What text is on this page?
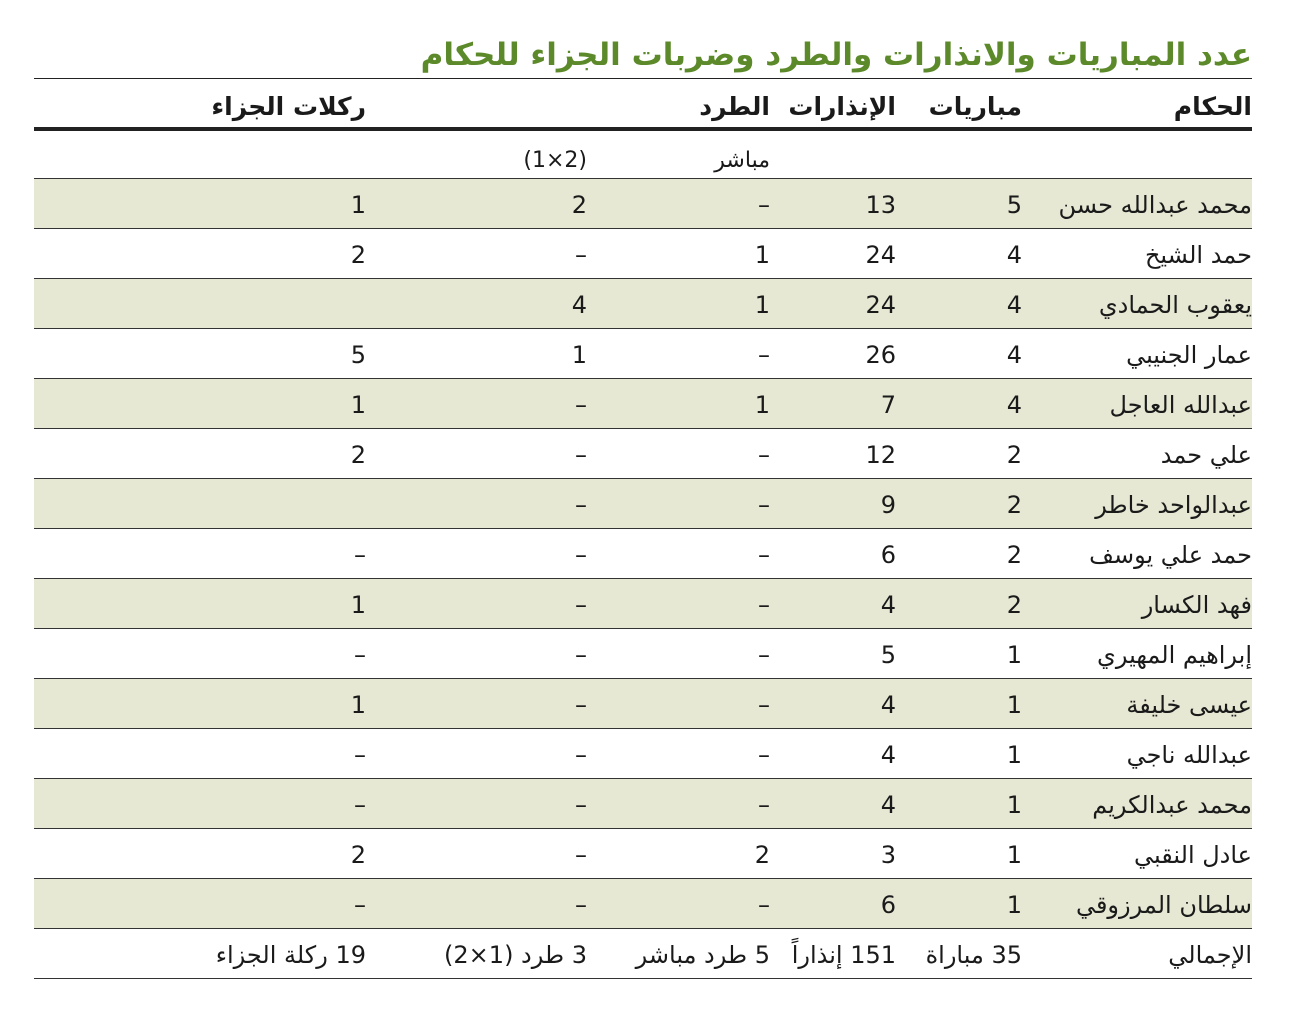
عدد المباريات والانذارات والطرد وضربات الجزاء للحكام
الحكام
مباريات
الإنذارات
الطرد
ركلات الجزاء
مباشر
(2×1)
محمد عبدالله حسن
5
13
–
2
1
حمد الشيخ
4
24
1
–
2
يعقوب الحمادي
4
24
1
4
عمار الجنيبي
4
26
–
1
5
عبدالله العاجل
4
7
1
–
1
علي حمد
2
12
–
–
2
عبدالواحد خاطر
2
9
–
–
حمد علي يوسف
2
6
–
–
–
فهد الكسار
2
4
–
–
1
إبراهيم المهيري
1
5
–
–
–
عيسى خليفة
1
4
–
–
1
عبدالله ناجي
1
4
–
–
–
محمد عبدالكريم
1
4
–
–
–
عادل النقبي
1
3
2
–
2
سلطان المرزوقي
1
6
–
–
–
الإجمالي
35 مباراة
151 إنذاراً
5 طرد مباشر
3 طرد (1×2)
19 ركلة الجزاء
